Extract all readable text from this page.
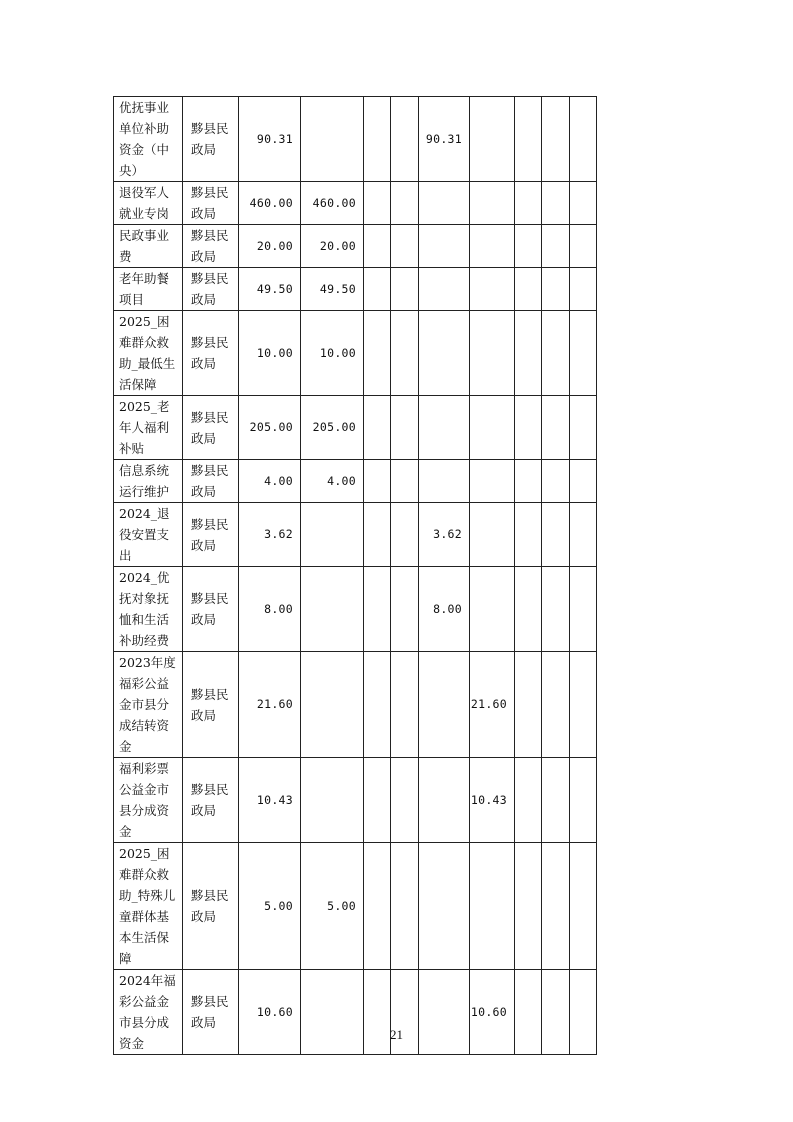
优抚事业单位补助资金（中央）	黟县民政局	90.31				90.31				
退役军人就业专岗	黟县民政局	460.00	460.00							
民政事业费	黟县民政局	20.00	20.00							
老年助餐项目	黟县民政局	49.50	49.50							
2025_困难群众救助_最低生活保障	黟县民政局	10.00	10.00							
2025_老年人福利补贴	黟县民政局	205.00	205.00							
信息系统运行维护	黟县民政局	4.00	4.00							
2024_退役安置支出	黟县民政局	3.62				3.62				
2024_优抚对象抚恤和生活补助经费	黟县民政局	8.00				8.00				
2023年度福彩公益金市县分成结转资金	黟县民政局	21.60					21.60			
福利彩票公益金市县分成资金	黟县民政局	10.43					10.43			
2025_困难群众救助_特殊儿童群体基本生活保障	黟县民政局	5.00	5.00							
2024年福彩公益金市县分成资金	黟县民政局	10.60					10.60			
21
